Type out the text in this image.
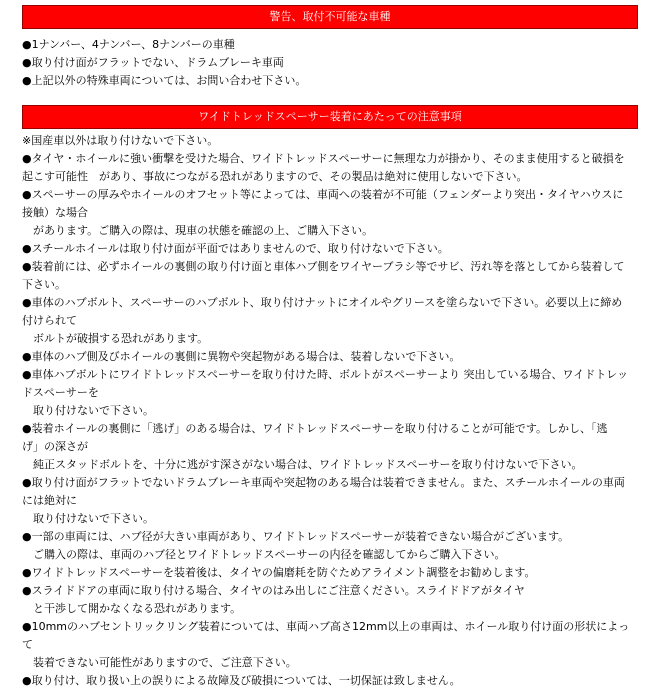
警告、取付不可能な車種
●1ナンバー、4ナンバー、8ナンバーの車種
●取り付け面がフラットでない、ドラムブレーキ車両
●上記以外の特殊車両については、お問い合わせ下さい。
ワイドトレッドスペーサー装着にあたっての注意事項
※国産車以外は取り付けないで下さい。
●タイヤ・ホイールに強い衝撃を受けた場合、ワイドトレッドスペーサーに無理な力が掛かり、そのまま使用すると破損を
起こす可能性　があり、事故につながる恐れがありますので、その製品は絶対に使用しないで下さい。
●スペーサーの厚みやホイールのオフセット等によっては、車両への装着が不可能（フェンダーより突出・タイヤハウスに
接触）な場合
　があります。ご購入の際は、現車の状態を確認の上、ご購入下さい。
●スチールホイールは取り付け面が平面ではありませんので、取り付けないで下さい。
●装着前には、必ずホイールの裏側の取り付け面と車体ハブ側をワイヤーブラシ等でサビ、汚れ等を落としてから装着して
下さい。
●車体のハブボルト、スペーサーのハブボルト、取り付けナットにオイルやグリースを塗らないで下さい。必要以上に締め
付けられて
　ボルトが破損する恐れがあります。
●車体のハブ側及びホイールの裏側に異物や突起物がある場合は、装着しないで下さい。
●車体ハブボルトにワイドトレッドスペーサーを取り付けた時、ボルトがスペーサーより 突出している場合、ワイドトレッ
ドスペーサーを
　取り付けないで下さい。
●装着ホイールの裏側に「逃げ」のある場合は、ワイドトレッドスペーサーを取り付けることが可能です。しかし、「逃
げ」の深さが
　純正スタッドボルトを、十分に逃がす深さがない場合は、ワイドトレッドスペーサーを取り付けないで下さい。
●取り付け面がフラットでないドラムブレーキ車両や突起物のある場合は装着できません。また、スチールホイールの車両
には絶対に
　取り付けないで下さい。
●一部の車両には、ハブ径が大きい車両があり、ワイドトレッドスペーサーが装着できない場合がございます。
　ご購入の際は、車両のハブ径とワイドトレッドスペーサーの内径を確認してからご購入下さい。
●ワイドトレッドスペーサーを装着後は、タイヤの偏磨耗を防ぐためアライメント調整をお勧めします。
●スライドドアの車両に取り付ける場合、タイヤのはみ出しにご注意ください。スライドドアがタイヤ
　と干渉して開かなくなる恐れがあります。
●10mmのハブセントリックリング装着については、車両ハブ高さ12mm以上の車両は、ホイール取り付け面の形状によっ
て
　装着できない可能性がありますので、ご注意下さい。
●取り付け、取り扱い上の誤りによる故障及び破損については、一切保証は致しません。
